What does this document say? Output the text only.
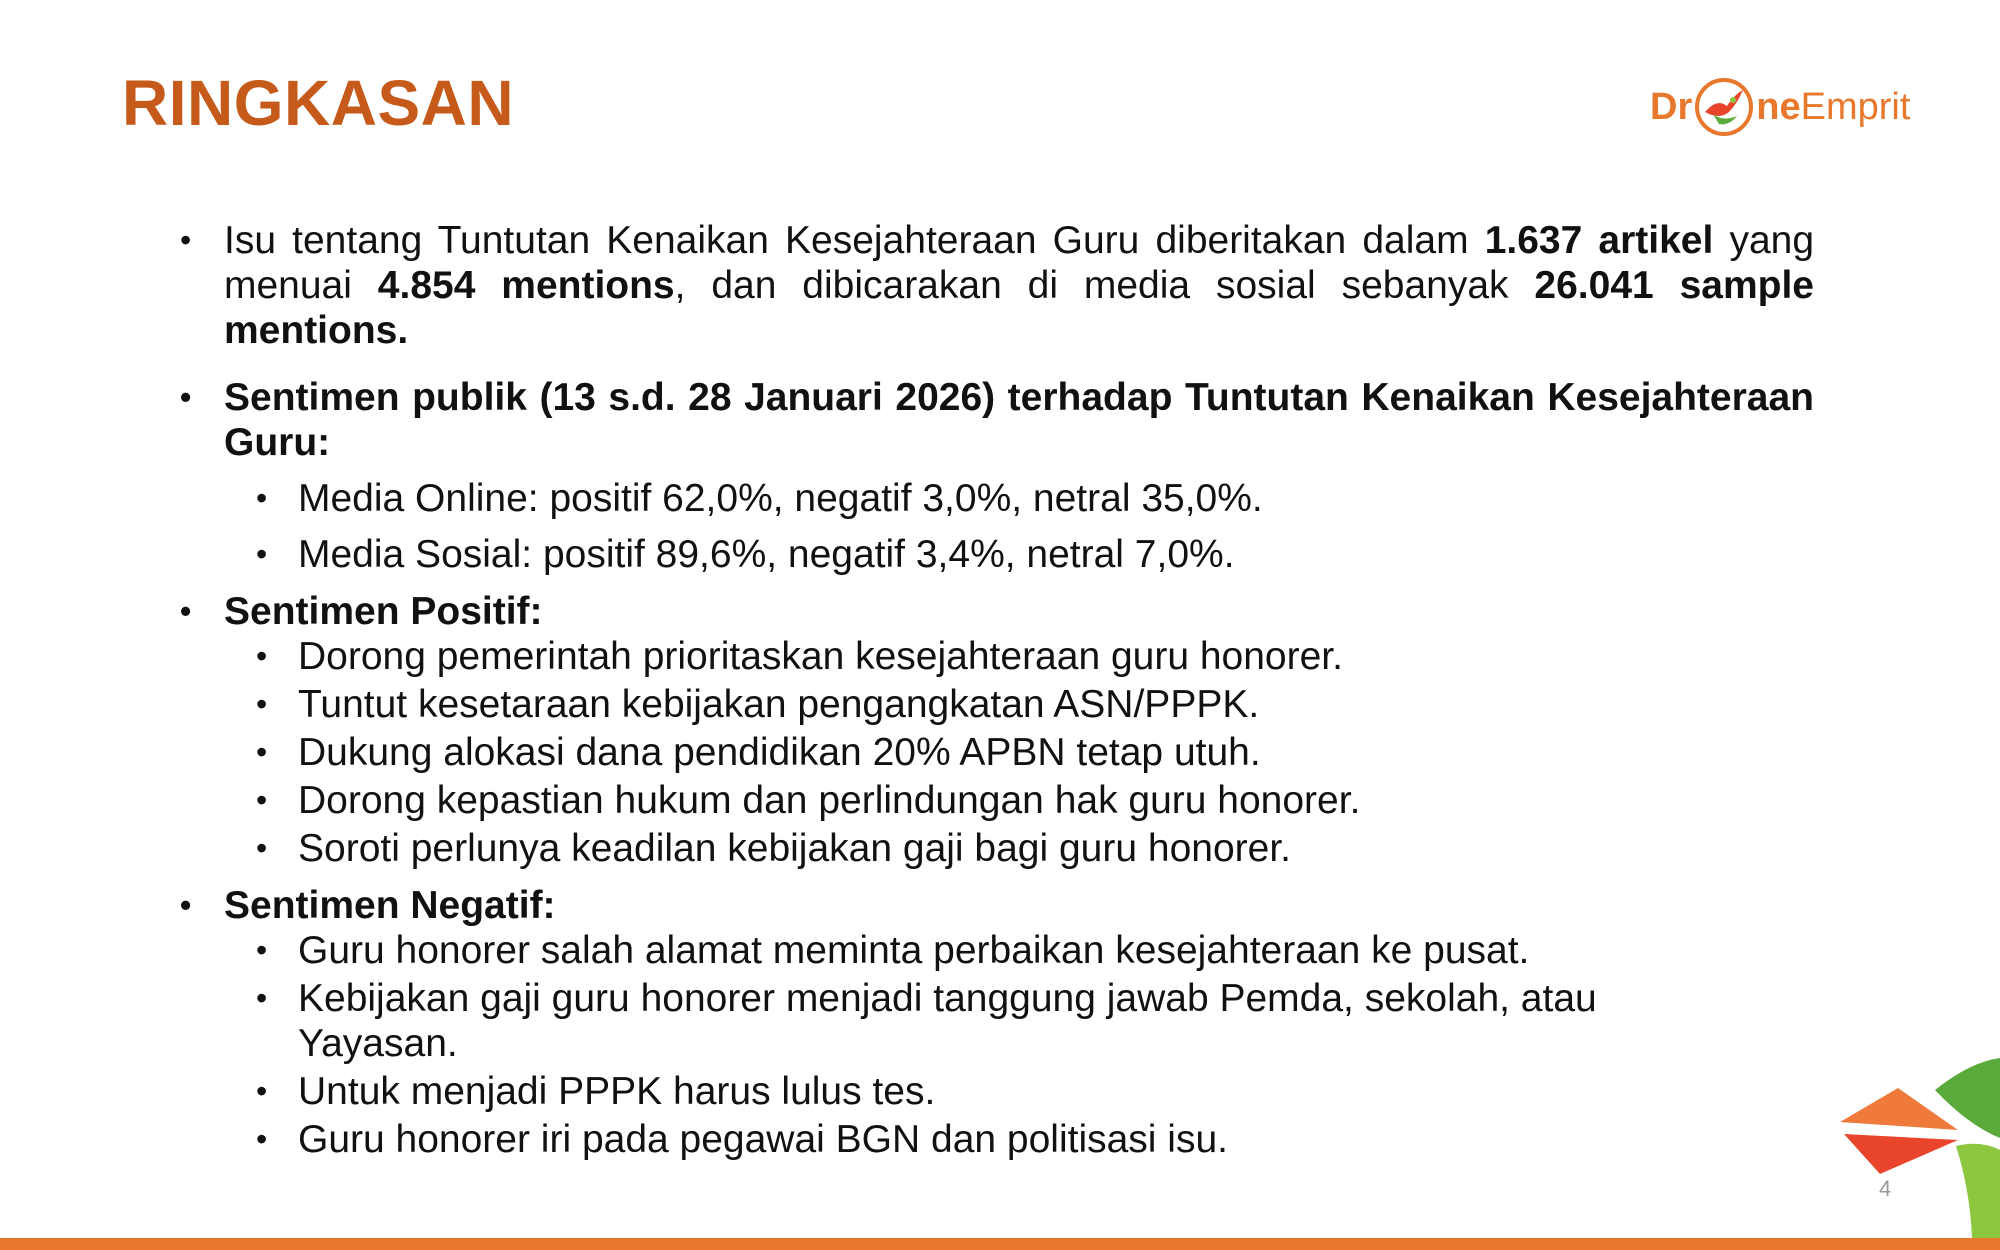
RINGKASAN	Dr ne Emprit
• Isu tentang Tuntutan Kenaikan Kesejahteraan Guru diberitakan dalam 1.637 artikel yang menuai 4.854 mentions, dan dibicarakan di media sosial sebanyak 26.041 sample mentions.
• Sentimen publik (13 s.d. 28 Januari 2026) terhadap Tuntutan Kenaikan Kesejahteraan Guru:
• Media Online: positif 62,0%, negatif 3,0%, netral 35,0%.
• Media Sosial: positif 89,6%, negatif 3,4%, netral 7,0%.
• Sentimen Positif:
• Dorong pemerintah prioritaskan kesejahteraan guru honorer.
• Tuntut kesetaraan kebijakan pengangkatan ASN/PPPK.
• Dukung alokasi dana pendidikan 20% APBN tetap utuh.
• Dorong kepastian hukum dan perlindungan hak guru honorer.
• Soroti perlunya keadilan kebijakan gaji bagi guru honorer.
• Sentimen Negatif:
• Guru honorer salah alamat meminta perbaikan kesejahteraan ke pusat.
• Kebijakan gaji guru honorer menjadi tanggung jawab Pemda, sekolah, atau Yayasan.
• Untuk menjadi PPPK harus lulus tes.
• Guru honorer iri pada pegawai BGN dan politisasi isu.
4
